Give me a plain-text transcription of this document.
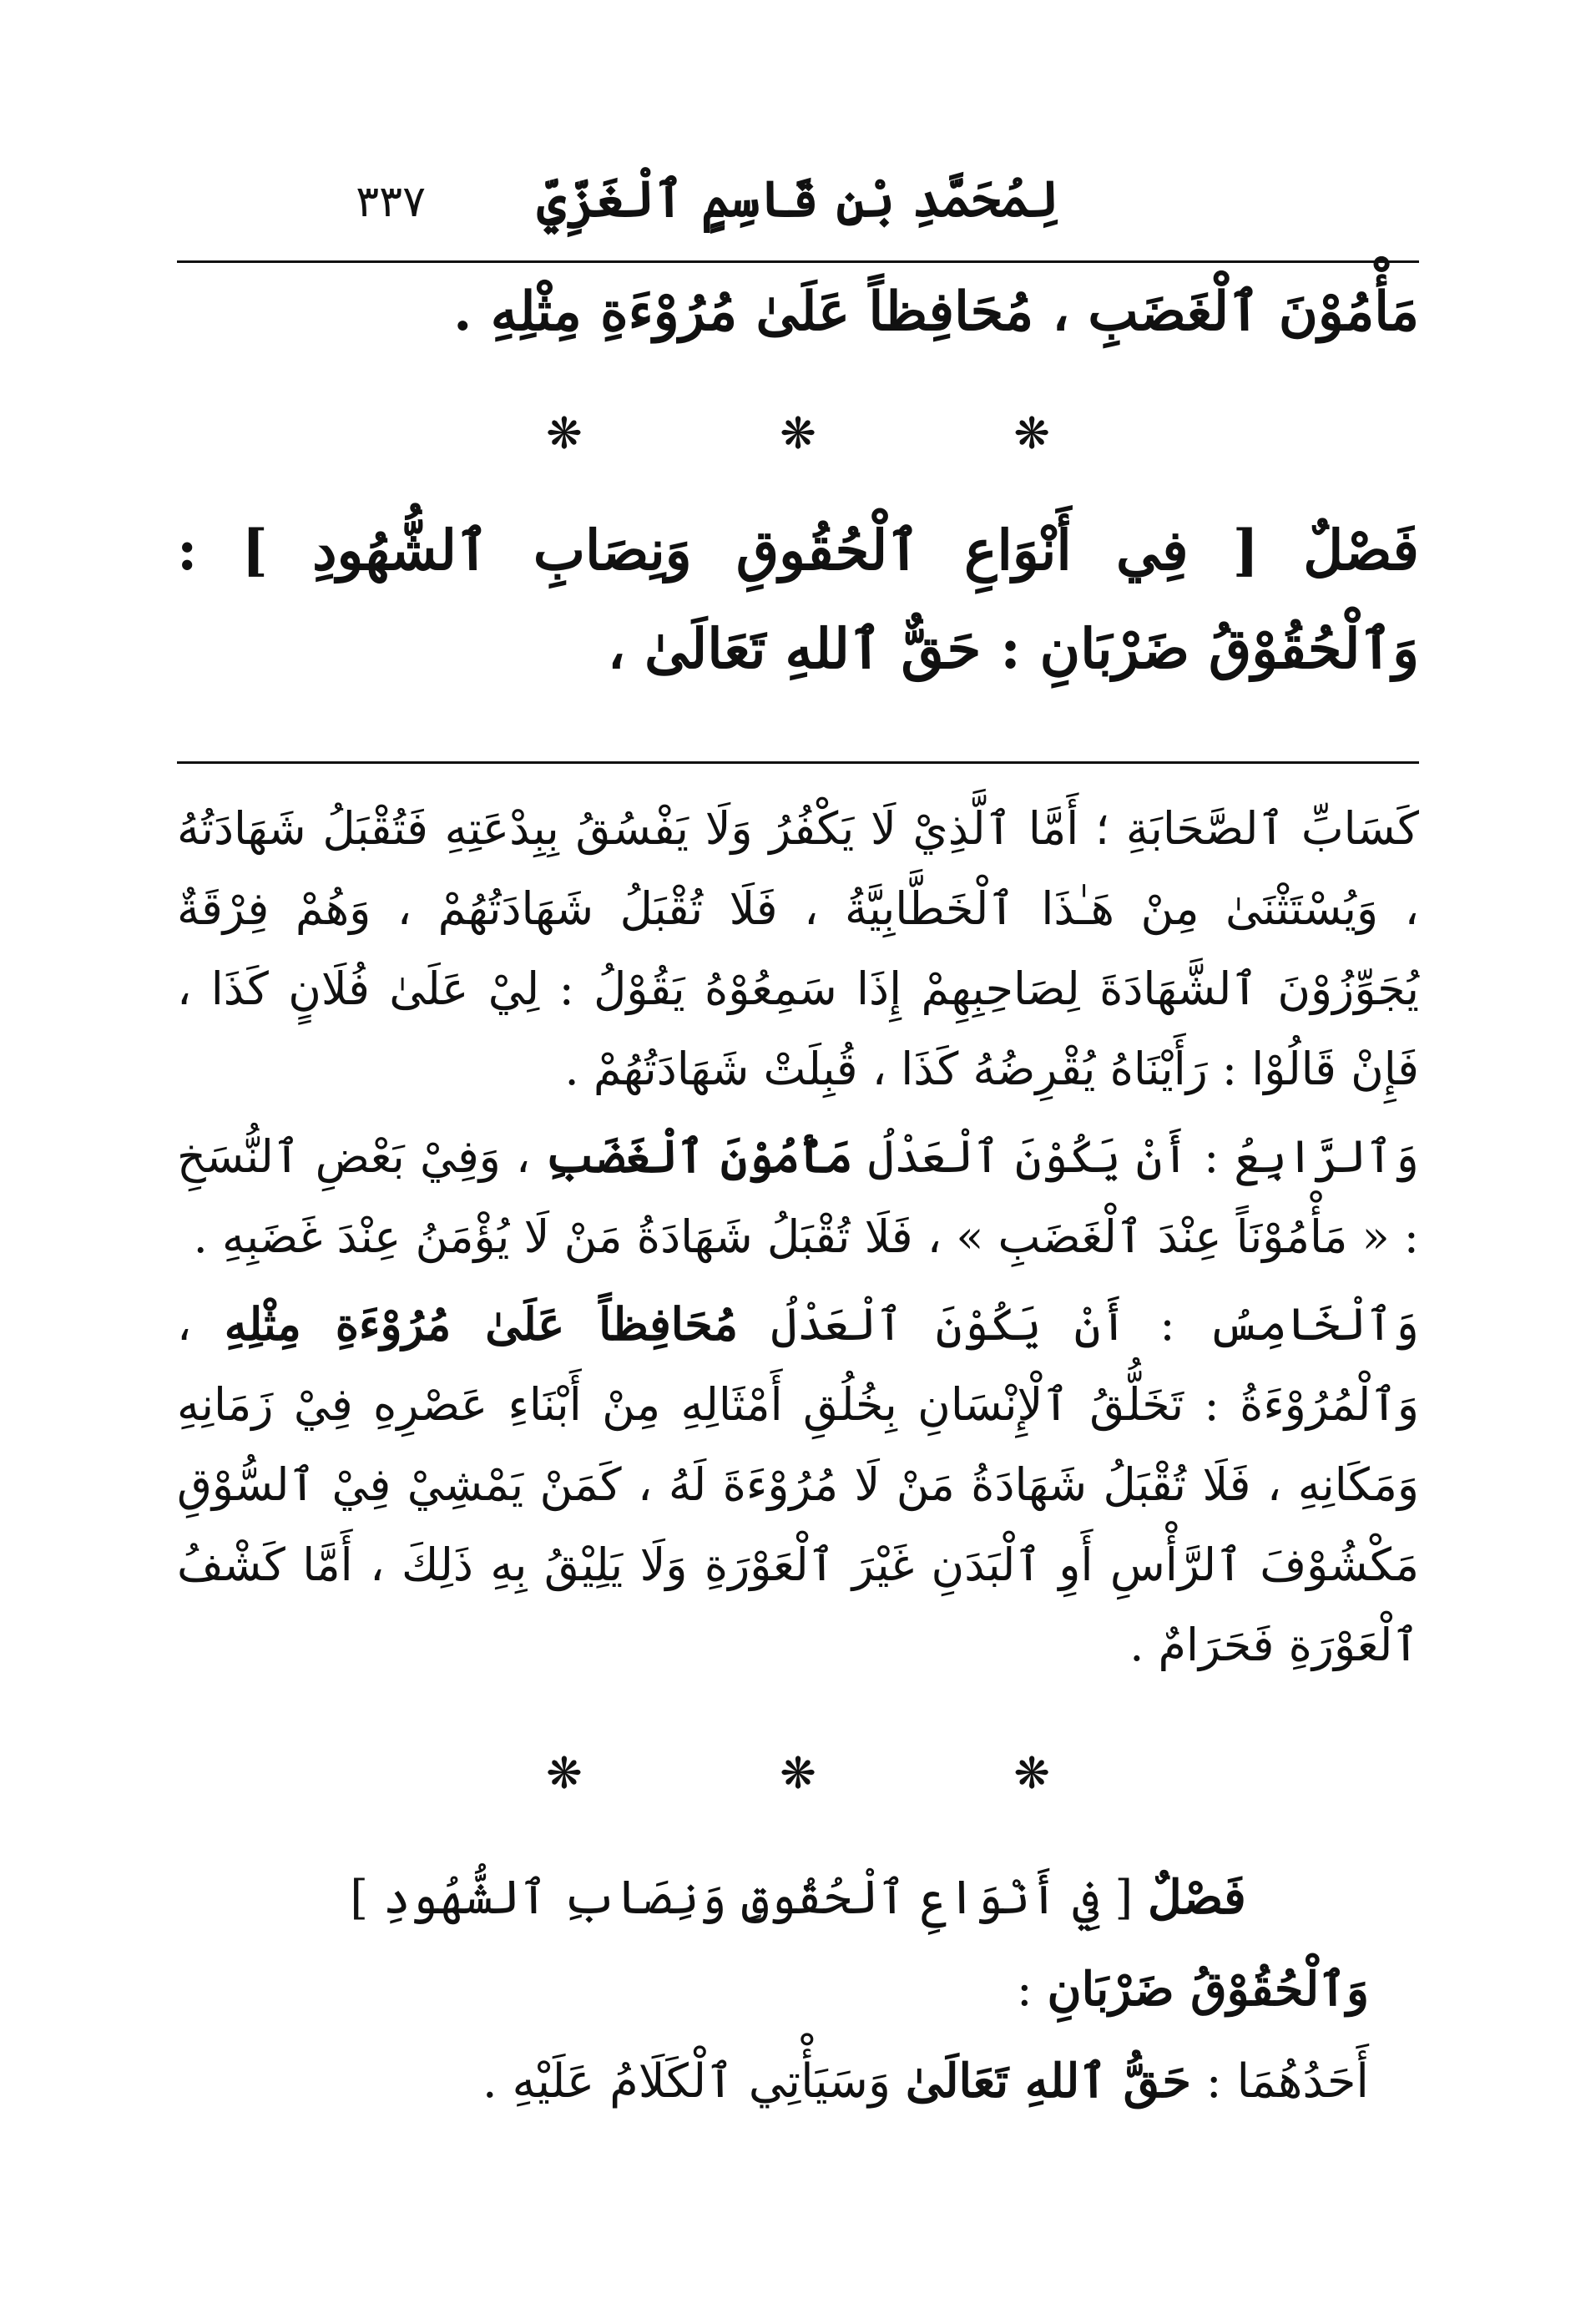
٣٣٧	لِمُحَمَّدِ بْنِ قَاسِمٍ ٱلْغَزِّيِّ
مَأْمُوْنَ ٱلْغَضَبِ ، مُحَافِظاً عَلَىٰ مُرُوْءَةِ مِثْلِهِ .
❋	❋	❋
فَصْلٌ [ فِي أَنْوَاعِ ٱلْحُقُوقِ وَنِصَابِ ٱلشُّهُودِ ] : وَٱلْحُقُوْقُ ضَرْبَانِ : حَقٌّ ٱللهِ تَعَالَىٰ ،

كَسَابِّ ٱلصَّحَابَةِ ؛ أَمَّا ٱلَّذِيْ لَا يَكْفُرُ وَلَا يَفْسُقُ بِبِدْعَتِهِ فَتُقْبَلُ شَهَادَتُهُ ، وَيُسْتَثْنَىٰ مِنْ هَـٰذَا ٱلْخَطَّابِيَّةُ ، فَلَا تُقْبَلُ شَهَادَتُهُمْ ، وَهُمْ فِرْقَةٌ يُجَوِّزُوْنَ ٱلشَّهَادَةَ لِصَاحِبِهِمْ إِذَا سَمِعُوْهُ يَقُوْلُ : لِيْ عَلَىٰ فُلَانٍ كَذَا ، فَإِنْ قَالُوْا : رَأَيْنَاهُ يُقْرِضُهُ كَذَا ، قُبِلَتْ شَهَادَتُهُمْ .

وَٱلرَّابِعُ : أَنْ يَكُوْنَ ٱلْعَدْلُ مَأْمُوْنَ ٱلْغَضَبِ ، وَفِيْ بَعْضِ ٱلنُّسَخِ : « مَأْمُوْنَاً عِنْدَ ٱلْغَضَبِ » ، فَلَا تُقْبَلُ شَهَادَةُ مَنْ لَا يُؤْمَنُ عِنْدَ غَضَبِهِ .

وَٱلْخَامِسُ : أَنْ يَكُوْنَ ٱلْعَدْلُ مُحَافِظاً عَلَىٰ مُرُوْءَةِ مِثْلِهِ ، وَٱلْمُرُوْءَةُ : تَخَلُّقُ ٱلْإِنْسَانِ بِخُلُقِ أَمْثَالِهِ مِنْ أَبْنَاءِ عَصْرِهِ فِيْ زَمَانِهِ وَمَكَانِهِ ، فَلَا تُقْبَلُ شَهَادَةُ مَنْ لَا مُرُوْءَةَ لَهُ ، كَمَنْ يَمْشِيْ فِيْ ٱلسُّوْقِ مَكْشُوْفَ ٱلرَّأْسِ أَوِ ٱلْبَدَنِ غَيْرَ ٱلْعَوْرَةِ وَلَا يَلِيْقُ بِهِ ذَلِكَ ، أَمَّا كَشْفُ ٱلْعَوْرَةِ فَحَرَامٌ .

❋	❋	❋
فَصْلٌ [ فِي أَنْوَاعِ ٱلْحُقُوقِ وَنِصَابِ ٱلشُّهُودِ ]
وَٱلْحُقُوْقُ ضَرْبَانِ :
أَحَدُهُمَا : حَقُّ ٱللهِ تَعَالَىٰ وَسَيَأْتِي ٱلْكَلَامُ عَلَيْهِ .
